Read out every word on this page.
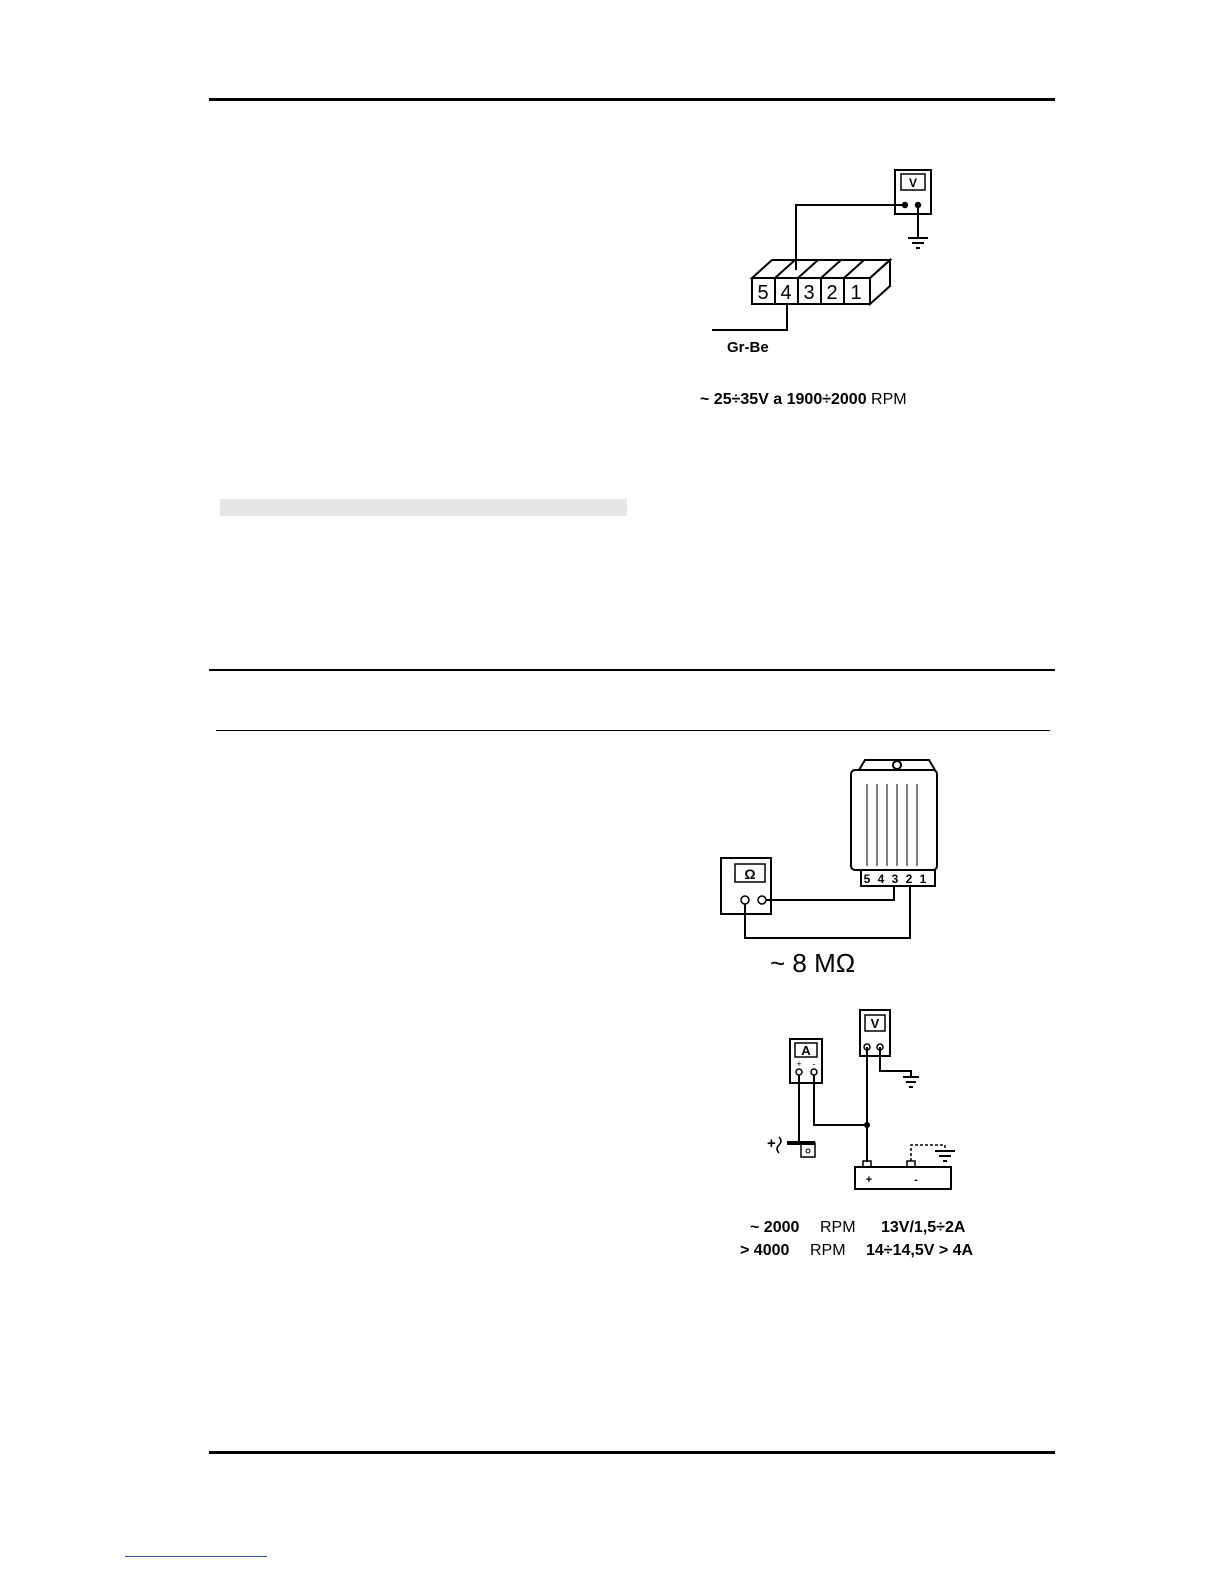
V
5 4 3 2 1
Gr-Be
~ 25÷35V a 1900÷2000 RPM
Ω	5 4 3 2 1
~ 8 MΩ
V
A
+ -
+
+	-
~ 2000 RPM 13V/1,5÷2A
> 4000 RPM 14÷14,5V > 4A
